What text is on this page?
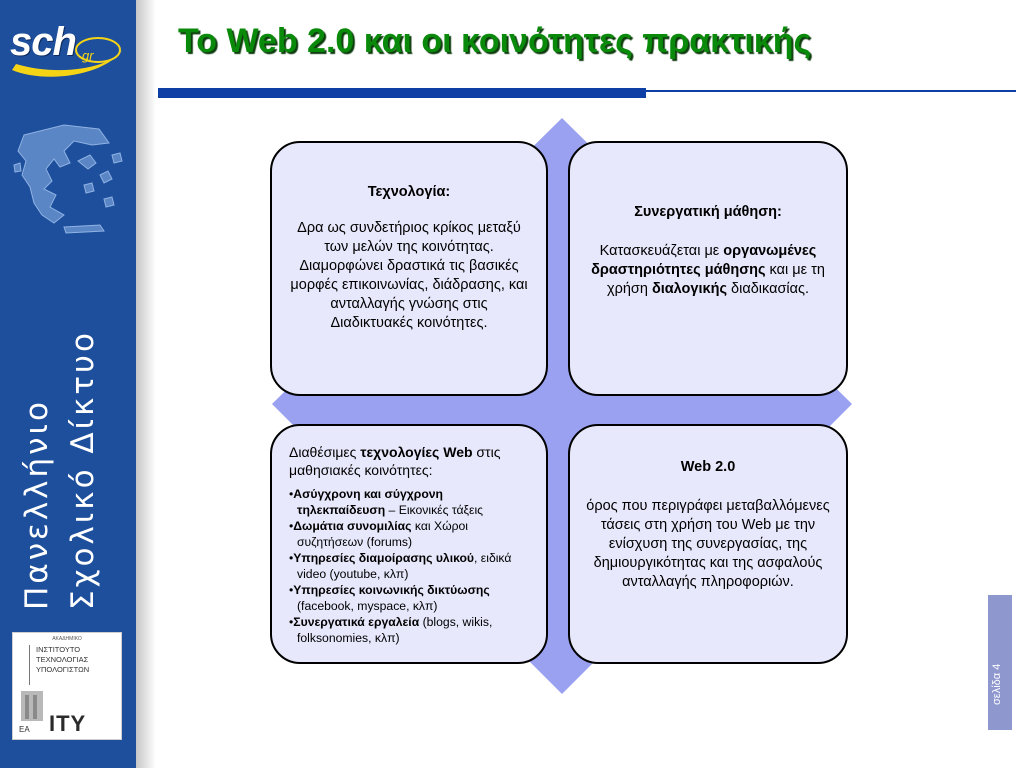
sch gr
Πανελλήνιο Σχολικό Δίκτυο
ΑΚΑΔΗΜΙΚΟ
ΙΝΣΤΙΤΟΥΤΟ
ΤΕΧΝΟΛΟΓΙΑΣ
ΥΠΟΛΟΓΙΣΤΩΝ
ΕΑ ΙΤΥ
Το Web 2.0 και οι κοινότητες πρακτικής
Τεχνολογία:
Δρα ως συνδετήριος κρίκος μεταξύ των μελών της κοινότητας. Διαμορφώνει δραστικά τις βασικές μορφές επικοινωνίας, διάδρασης, και ανταλλαγής γνώσης στις Διαδικτυακές κοινότητες.
Συνεργατική μάθηση:
Κατασκευάζεται με οργανωμένες δραστηριότητες μάθησης και με τη χρήση διαλογικής διαδικασίας.
Διαθέσιμες τεχνολογίες Web στις μαθησιακές κοινότητες:
•Ασύγχρονη και σύγχρονη τηλεκπαίδευση – Εικονικές τάξεις
•Δωμάτια συνομιλίας και Χώροι συζητήσεων (forums)
•Υπηρεσίες διαμοίρασης υλικού, ειδικά video (youtube, κλπ)
•Υπηρεσίες κοινωνικής δικτύωσης (facebook, myspace, κλπ)
•Συνεργατικά εργαλεία (blogs, wikis, folksonomies, κλπ)
Web 2.0
όρος που περιγράφει μεταβαλλόμενες τάσεις στη χρήση του Web με την ενίσχυση της συνεργασίας, της δημιουργικότητας και της ασφαλούς ανταλλαγής πληροφοριών.
σελίδα 4
